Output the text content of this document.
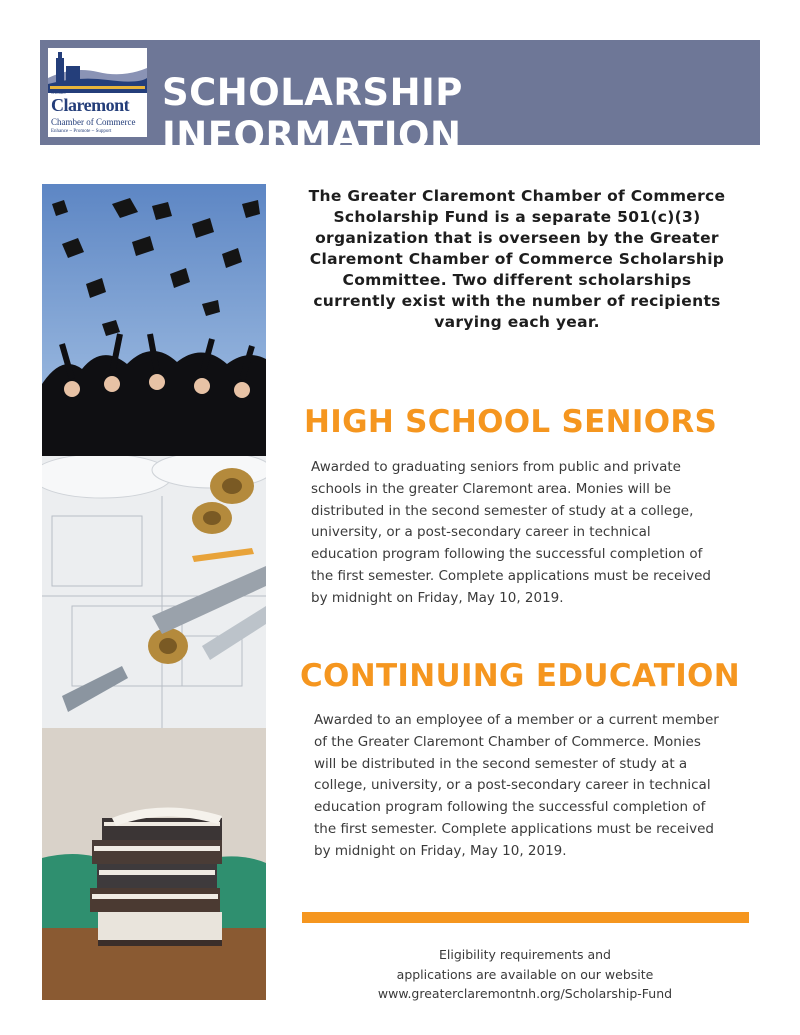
Greater
Claremont
Chamber of Commerce
Enhance ~ Promote ~ Support
SCHOLARSHIP INFORMATION
The Greater Claremont Chamber of Commerce Scholarship Fund is a separate 501(c)(3) organization that is overseen by the Greater Claremont Chamber of Commerce Scholarship Committee. Two different scholarships currently exist with the number of recipients varying each year.
HIGH SCHOOL SENIORS
Awarded to graduating seniors from public and private schools in the greater Claremont area. Monies will be distributed in the second semester of study at a college, university, or a post-secondary career in technical education program following the successful completion of the first semester. Complete applications must be received by midnight on Friday, May 10, 2019.
CONTINUING EDUCATION
Awarded to an employee of a member or a current member of the Greater Claremont Chamber of Commerce. Monies will be distributed in the second semester of study at a college, university, or a post-secondary career in technical education program following the successful completion of the first semester. Complete applications must be received by midnight on Friday, May 10, 2019.
Eligibility requirements and
applications are available on our website
www.greaterclaremontnh.org/Scholarship-Fund
